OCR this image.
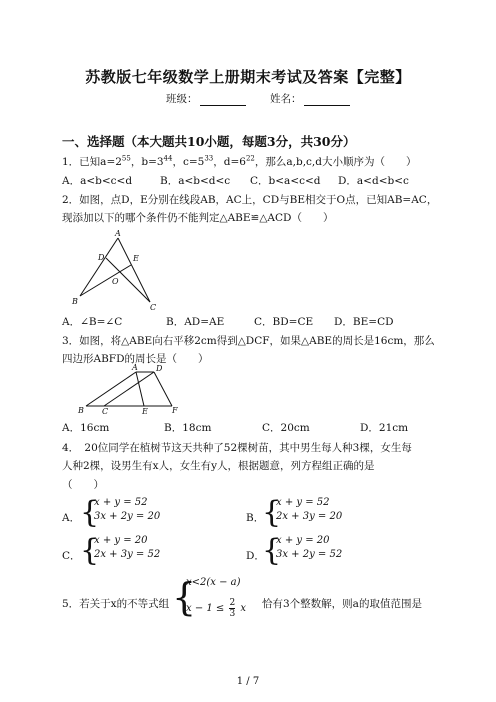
苏教版七年级数学上册期末考试及答案【完整】
班级：	姓名：
一、选择题（本大题共10小题，每题3分，共30分）
1．已知$a=2^{55}$，$b=3^{44}$，$c=5^{33}$，$d=6^{22}$，那么a,b,c,d大小顺序为（　　）
A．a<b<c<d	B．a<b<d<c C．b<a<c<d D．a<d<b<c
2．如图，点D，E分别在线段AB，AC上，CD与BE相交于O点，已知AB=AC，
现添加以下的哪个条件仍不能判定△ABE≌△ACD（　　）
A
D	E
O
B
C
A．∠B=∠C	B．AD=AE	C．BD=CE D．BE=CD
3．如图，将△ABE向右平移2cm得到△DCF，如果△ABE的周长是16cm，那么
四边形ABFD的周长是（　　）
A D
B C	E	F
A．16cm	B．18cm	C．20cm	D．21cm
4．　20位同学在植树节这天共种了52棵树苗，其中男生每人种3棵，女生每
人种2棵，设男生有x人，女生有y人，根据题意，列方程组正确的是
（　　）
A． {
x + y = 52
3x + 2y = 20	B．
{
x + y = 52
2x + 3y = 20
C． {
x + y = 20
2x + 3y = 52	D．
{
x + y = 20
3x + 2y = 52
5．若关于x的不等式组 {
x<2(x − a)
$x - 1 \le \frac{2}{3}$ x 恰有3个整数解，则a的取值范围是
1 / 7
